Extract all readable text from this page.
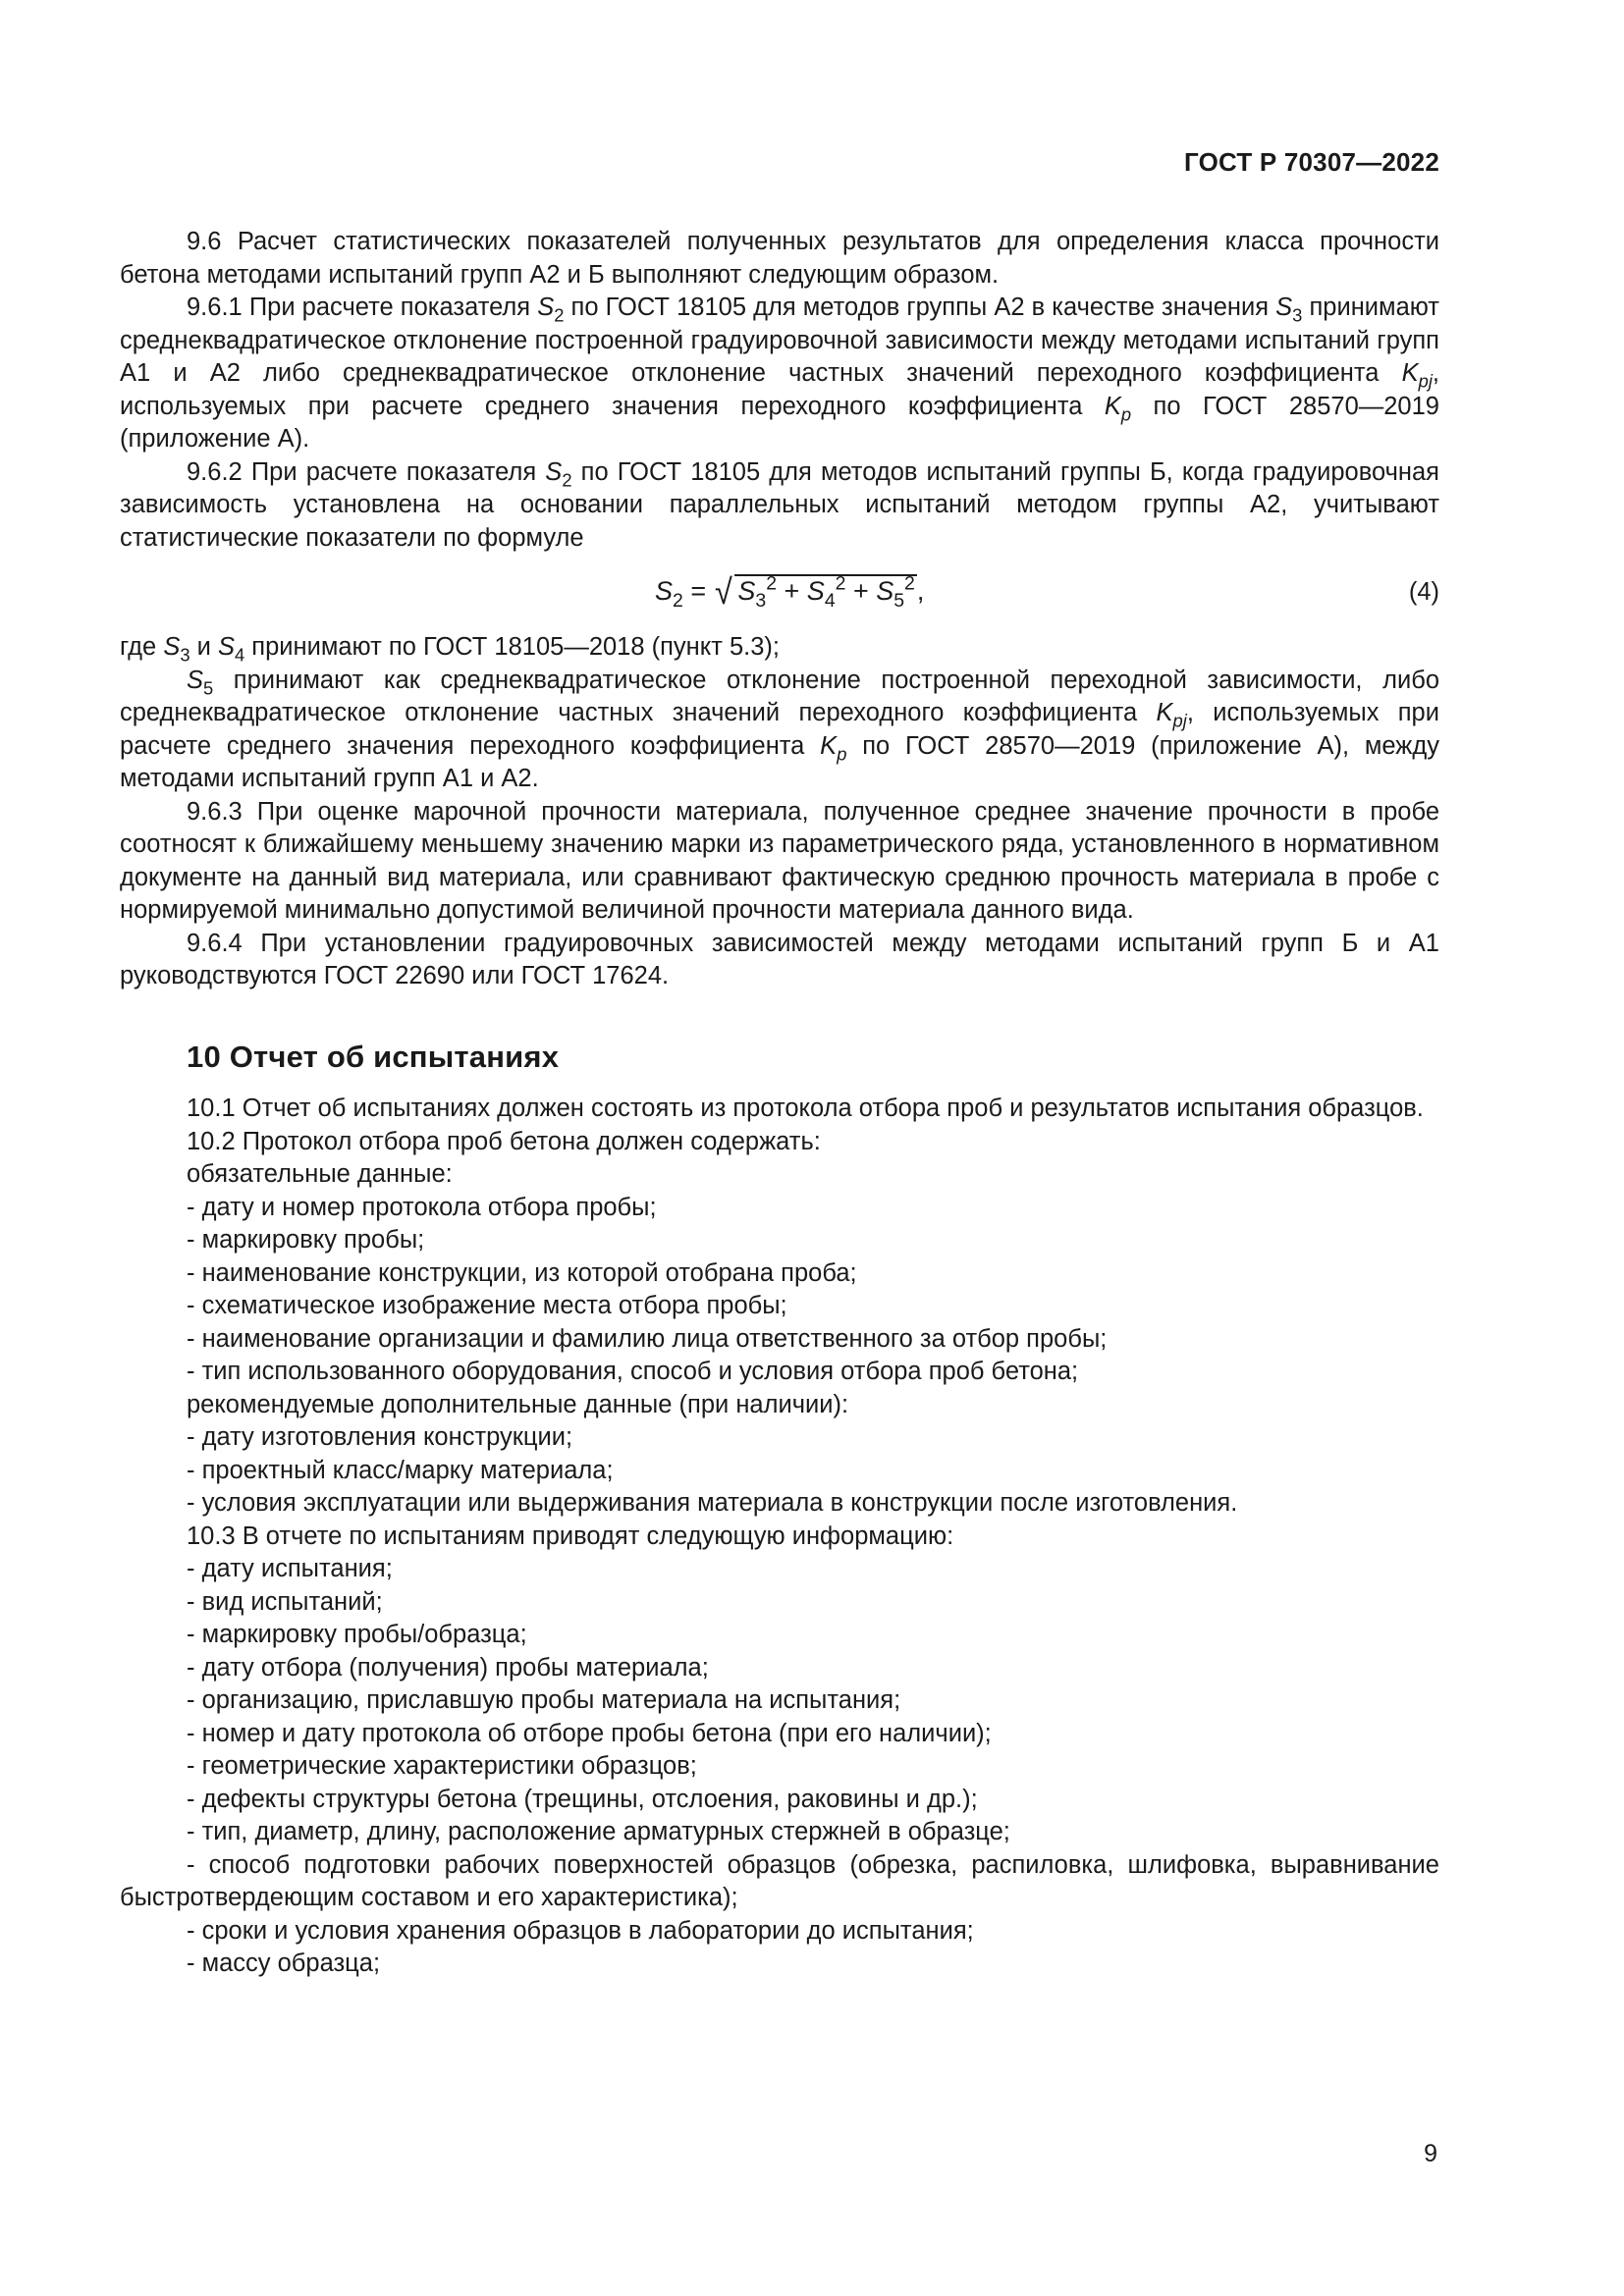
ГОСТ Р 70307—2022

9.6 Расчет статистических показателей полученных результатов для определения класса прочности бетона методами испытаний групп А2 и Б выполняют следующим образом.

9.6.1 При расчете показателя $S_2$ по ГОСТ 18105 для методов группы А2 в качестве значения $S_3$ принимают среднеквадратическое отклонение построенной градуировочной зависимости между методами испытаний групп А1 и А2 либо среднеквадратическое отклонение частных значений переходного коэффициента $K_{pj}$, используемых при расчете среднего значения переходного коэффициента $K_p$ по ГОСТ 28570—2019 (приложение А).

9.6.2 При расчете показателя $S_2$ по ГОСТ 18105 для методов испытаний группы Б, когда градуировочная зависимость установлена на основании параллельных испытаний методом группы А2, учитывают статистические показатели по формуле

$S_2$ = √ $S_3^2 + S_4^2 + S_5^2$,	(4)

где $S_3$ и $S_4$ принимают по ГОСТ 18105—2018 (пункт 5.3);

$S_5$ принимают как среднеквадратическое отклонение построенной переходной зависимости, либо среднеквадратическое отклонение частных значений переходного коэффициента $K_{pj}$, используемых при расчете среднего значения переходного коэффициента $K_p$ по ГОСТ 28570—2019 (приложение А), между методами испытаний групп А1 и А2.

9.6.3 При оценке марочной прочности материала, полученное среднее значение прочности в пробе соотносят к ближайшему меньшему значению марки из параметрического ряда, установленного в нормативном документе на данный вид материала, или сравнивают фактическую среднюю прочность материала в пробе с нормируемой минимально допустимой величиной прочности материала данного вида.

9.6.4 При установлении градуировочных зависимостей между методами испытаний групп Б и А1 руководствуются ГОСТ 22690 или ГОСТ 17624.

10 Отчет об испытаниях

10.1 Отчет об испытаниях должен состоять из протокола отбора проб и результатов испытания образцов.

10.2 Протокол отбора проб бетона должен содержать:

обязательные данные:

- дату и номер протокола отбора пробы;

- маркировку пробы;

- наименование конструкции, из которой отобрана проба;

- схематическое изображение места отбора пробы;

- наименование организации и фамилию лица ответственного за отбор пробы;

- тип использованного оборудования, способ и условия отбора проб бетона;

рекомендуемые дополнительные данные (при наличии):

- дату изготовления конструкции;

- проектный класс/марку материала;

- условия эксплуатации или выдерживания материала в конструкции после изготовления.

10.3 В отчете по испытаниям приводят следующую информацию:

- дату испытания;

- вид испытаний;

- маркировку пробы/образца;

- дату отбора (получения) пробы материала;

- организацию, приславшую пробы материала на испытания;

- номер и дату протокола об отборе пробы бетона (при его наличии);

- геометрические характеристики образцов;

- дефекты структуры бетона (трещины, отслоения, раковины и др.);

- тип, диаметр, длину, расположение арматурных стержней в образце;

- способ подготовки рабочих поверхностей образцов (обрезка, распиловка, шлифовка, выравнивание быстротвердеющим составом и его характеристика);

- сроки и условия хранения образцов в лаборатории до испытания;

- массу образца;

9
